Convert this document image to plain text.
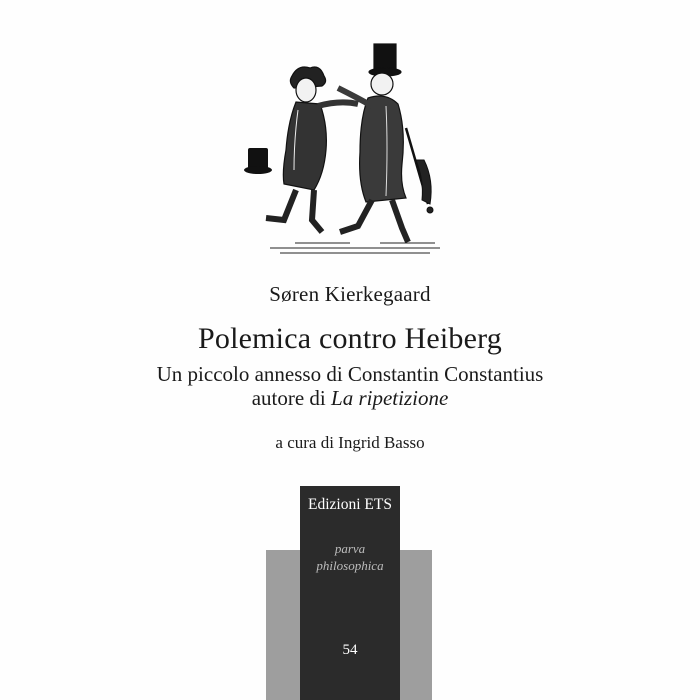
Søren Kierkegaard
Polemica contro Heiberg
Un piccolo annesso di Constantin Constantius
autore di La ripetizione
a cura di Ingrid Basso
Edizioni ETS
parva
philosophica
54
